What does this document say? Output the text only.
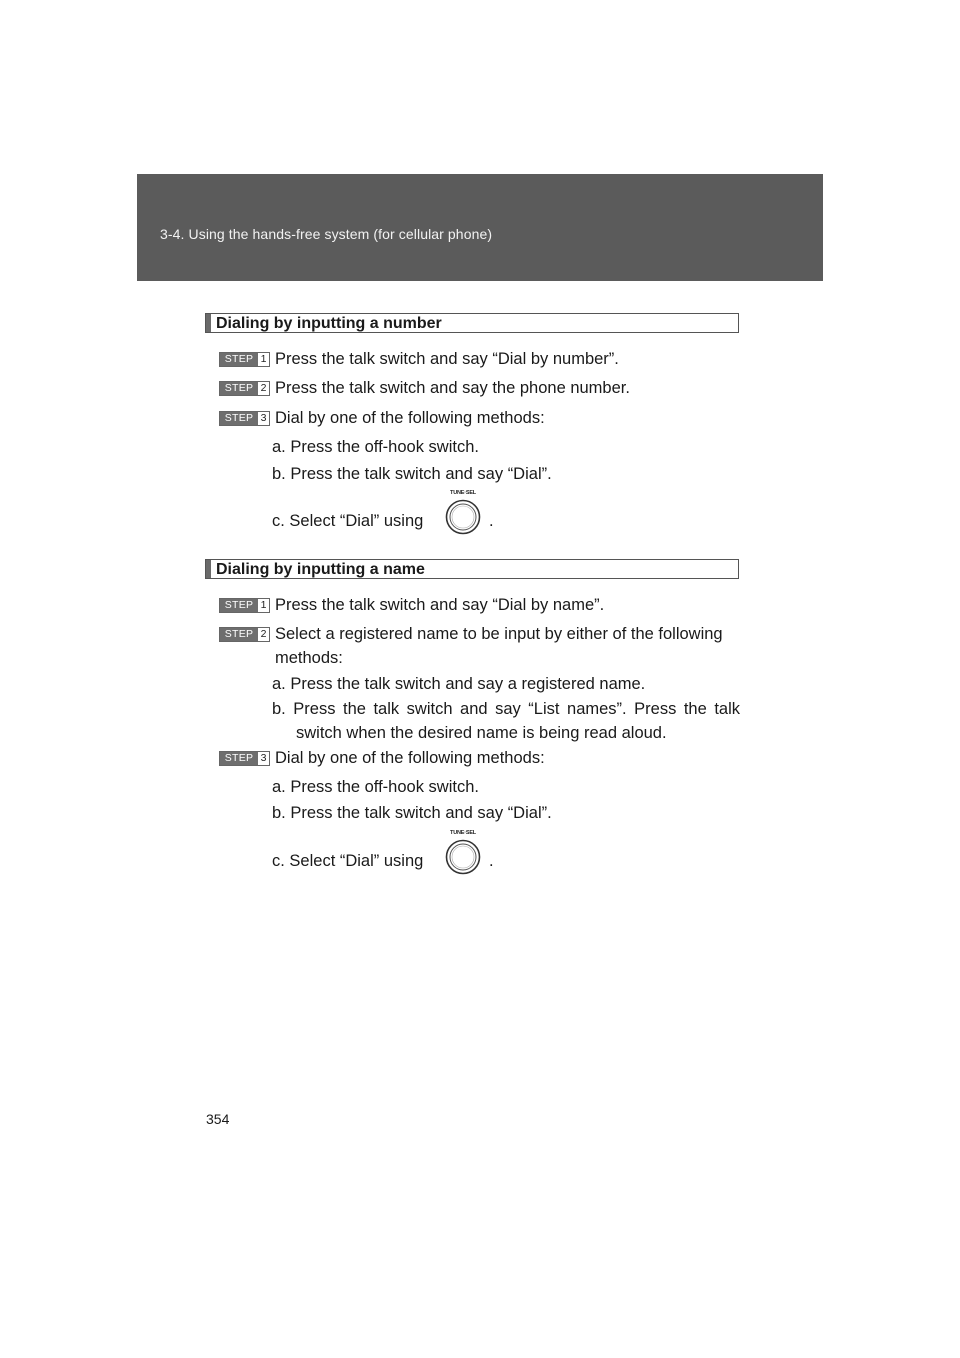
3-4. Using the hands-free system (for cellular phone)
Dialing by inputting a number
STEP 1 Press the talk switch and say “Dial by number”.
STEP 2 Press the talk switch and say the phone number.
STEP 3 Dial by one of the following methods:
a. Press the off-hook switch.
b. Press the talk switch and say “Dial”.
c. Select “Dial” using
TUNE·SEL
.
Dialing by inputting a name
STEP 1 Press the talk switch and say “Dial by name”.
STEP 2 Select a registered name to be input by either of the following
methods:
a. Press the talk switch and say a registered name.
b. Press the talk switch and say “List names”. Press the talk
switch when the desired name is being read aloud.
STEP 3 Dial by one of the following methods:
a. Press the off-hook switch.
b. Press the talk switch and say “Dial”.
c. Select “Dial” using
TUNE·SEL
.
354
